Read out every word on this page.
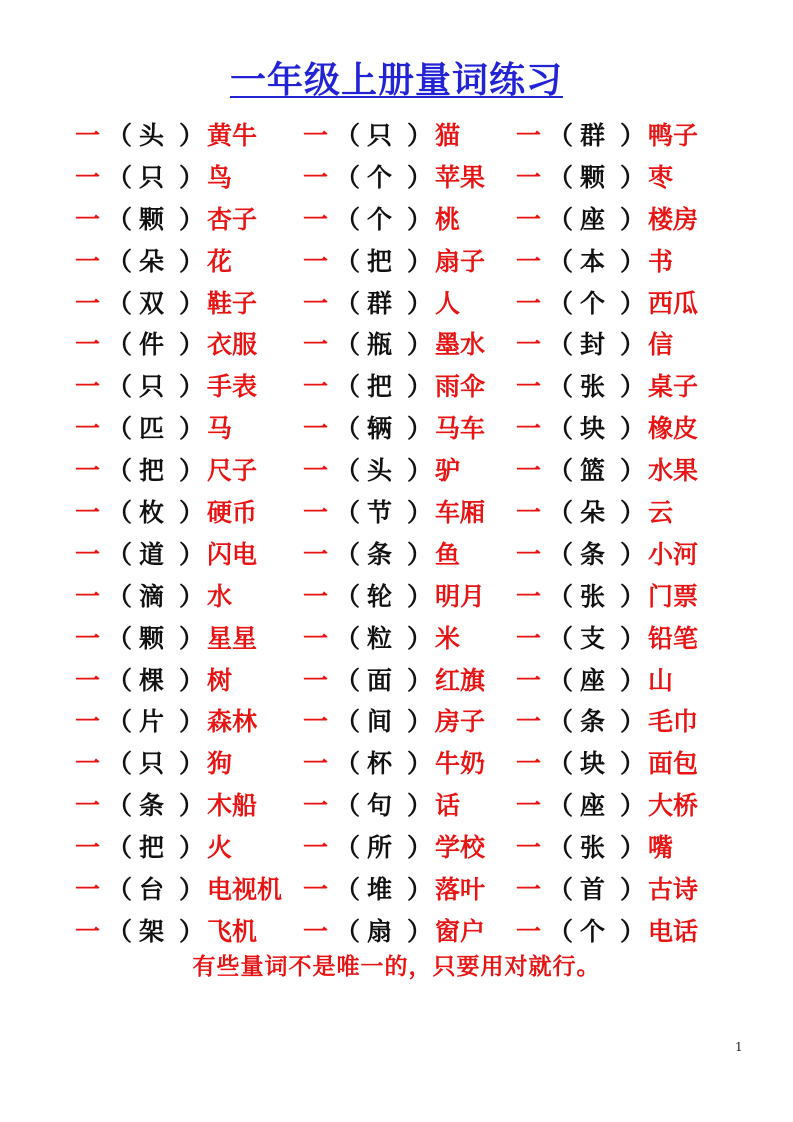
一年级上册量词练习
一 （ 头 ） 黄牛 一 （ 只 ） 猫 一 （ 群 ） 鸭子
一 （ 只 ） 鸟	一 （ 个 ） 苹果 一 （ 颗 ） 枣
一 （ 颗 ） 杏子 一 （ 个 ） 桃 一 （ 座 ） 楼房
一 （ 朵 ） 花	一 （ 把 ） 扇子 一 （ 本 ） 书
一 （ 双 ） 鞋子 一 （ 群 ） 人 一 （ 个 ） 西瓜
一 （ 件 ） 衣服 一 （ 瓶 ） 墨水 一 （ 封 ） 信
一 （ 只 ） 手表 一 （ 把 ） 雨伞 一 （ 张 ） 桌子
一 （ 匹 ） 马	一 （ 辆 ） 马车 一 （ 块 ） 橡皮
一 （ 把 ） 尺子 一 （ 头 ） 驴 一 （ 篮 ） 水果
一 （ 枚 ） 硬币 一 （ 节 ） 车厢 一 （ 朵 ） 云
一 （ 道 ） 闪电 一 （ 条 ） 鱼 一 （ 条 ） 小河
一 （ 滴 ） 水	一 （ 轮 ） 明月 一 （ 张 ） 门票
一 （ 颗 ） 星星 一 （ 粒 ） 米 一 （ 支 ） 铅笔
一 （ 棵 ） 树	一 （ 面 ） 红旗 一 （ 座 ） 山
一 （ 片 ） 森林 一 （ 间 ） 房子 一 （ 条 ） 毛巾
一 （ 只 ） 狗	一 （ 杯 ） 牛奶 一 （ 块 ） 面包
一 （ 条 ） 木船 一 （ 句 ） 话 一 （ 座 ） 大桥
一 （ 把 ） 火	一 （ 所 ） 学校 一 （ 张 ） 嘴
一 （ 台 ） 电视机 一 （ 堆 ） 落叶 一 （ 首 ） 古诗
一 （ 架 ） 飞机 一 （ 扇 ） 窗户 一 （ 个 ） 电话
有些量词不是唯一的，只要用对就行。
1
